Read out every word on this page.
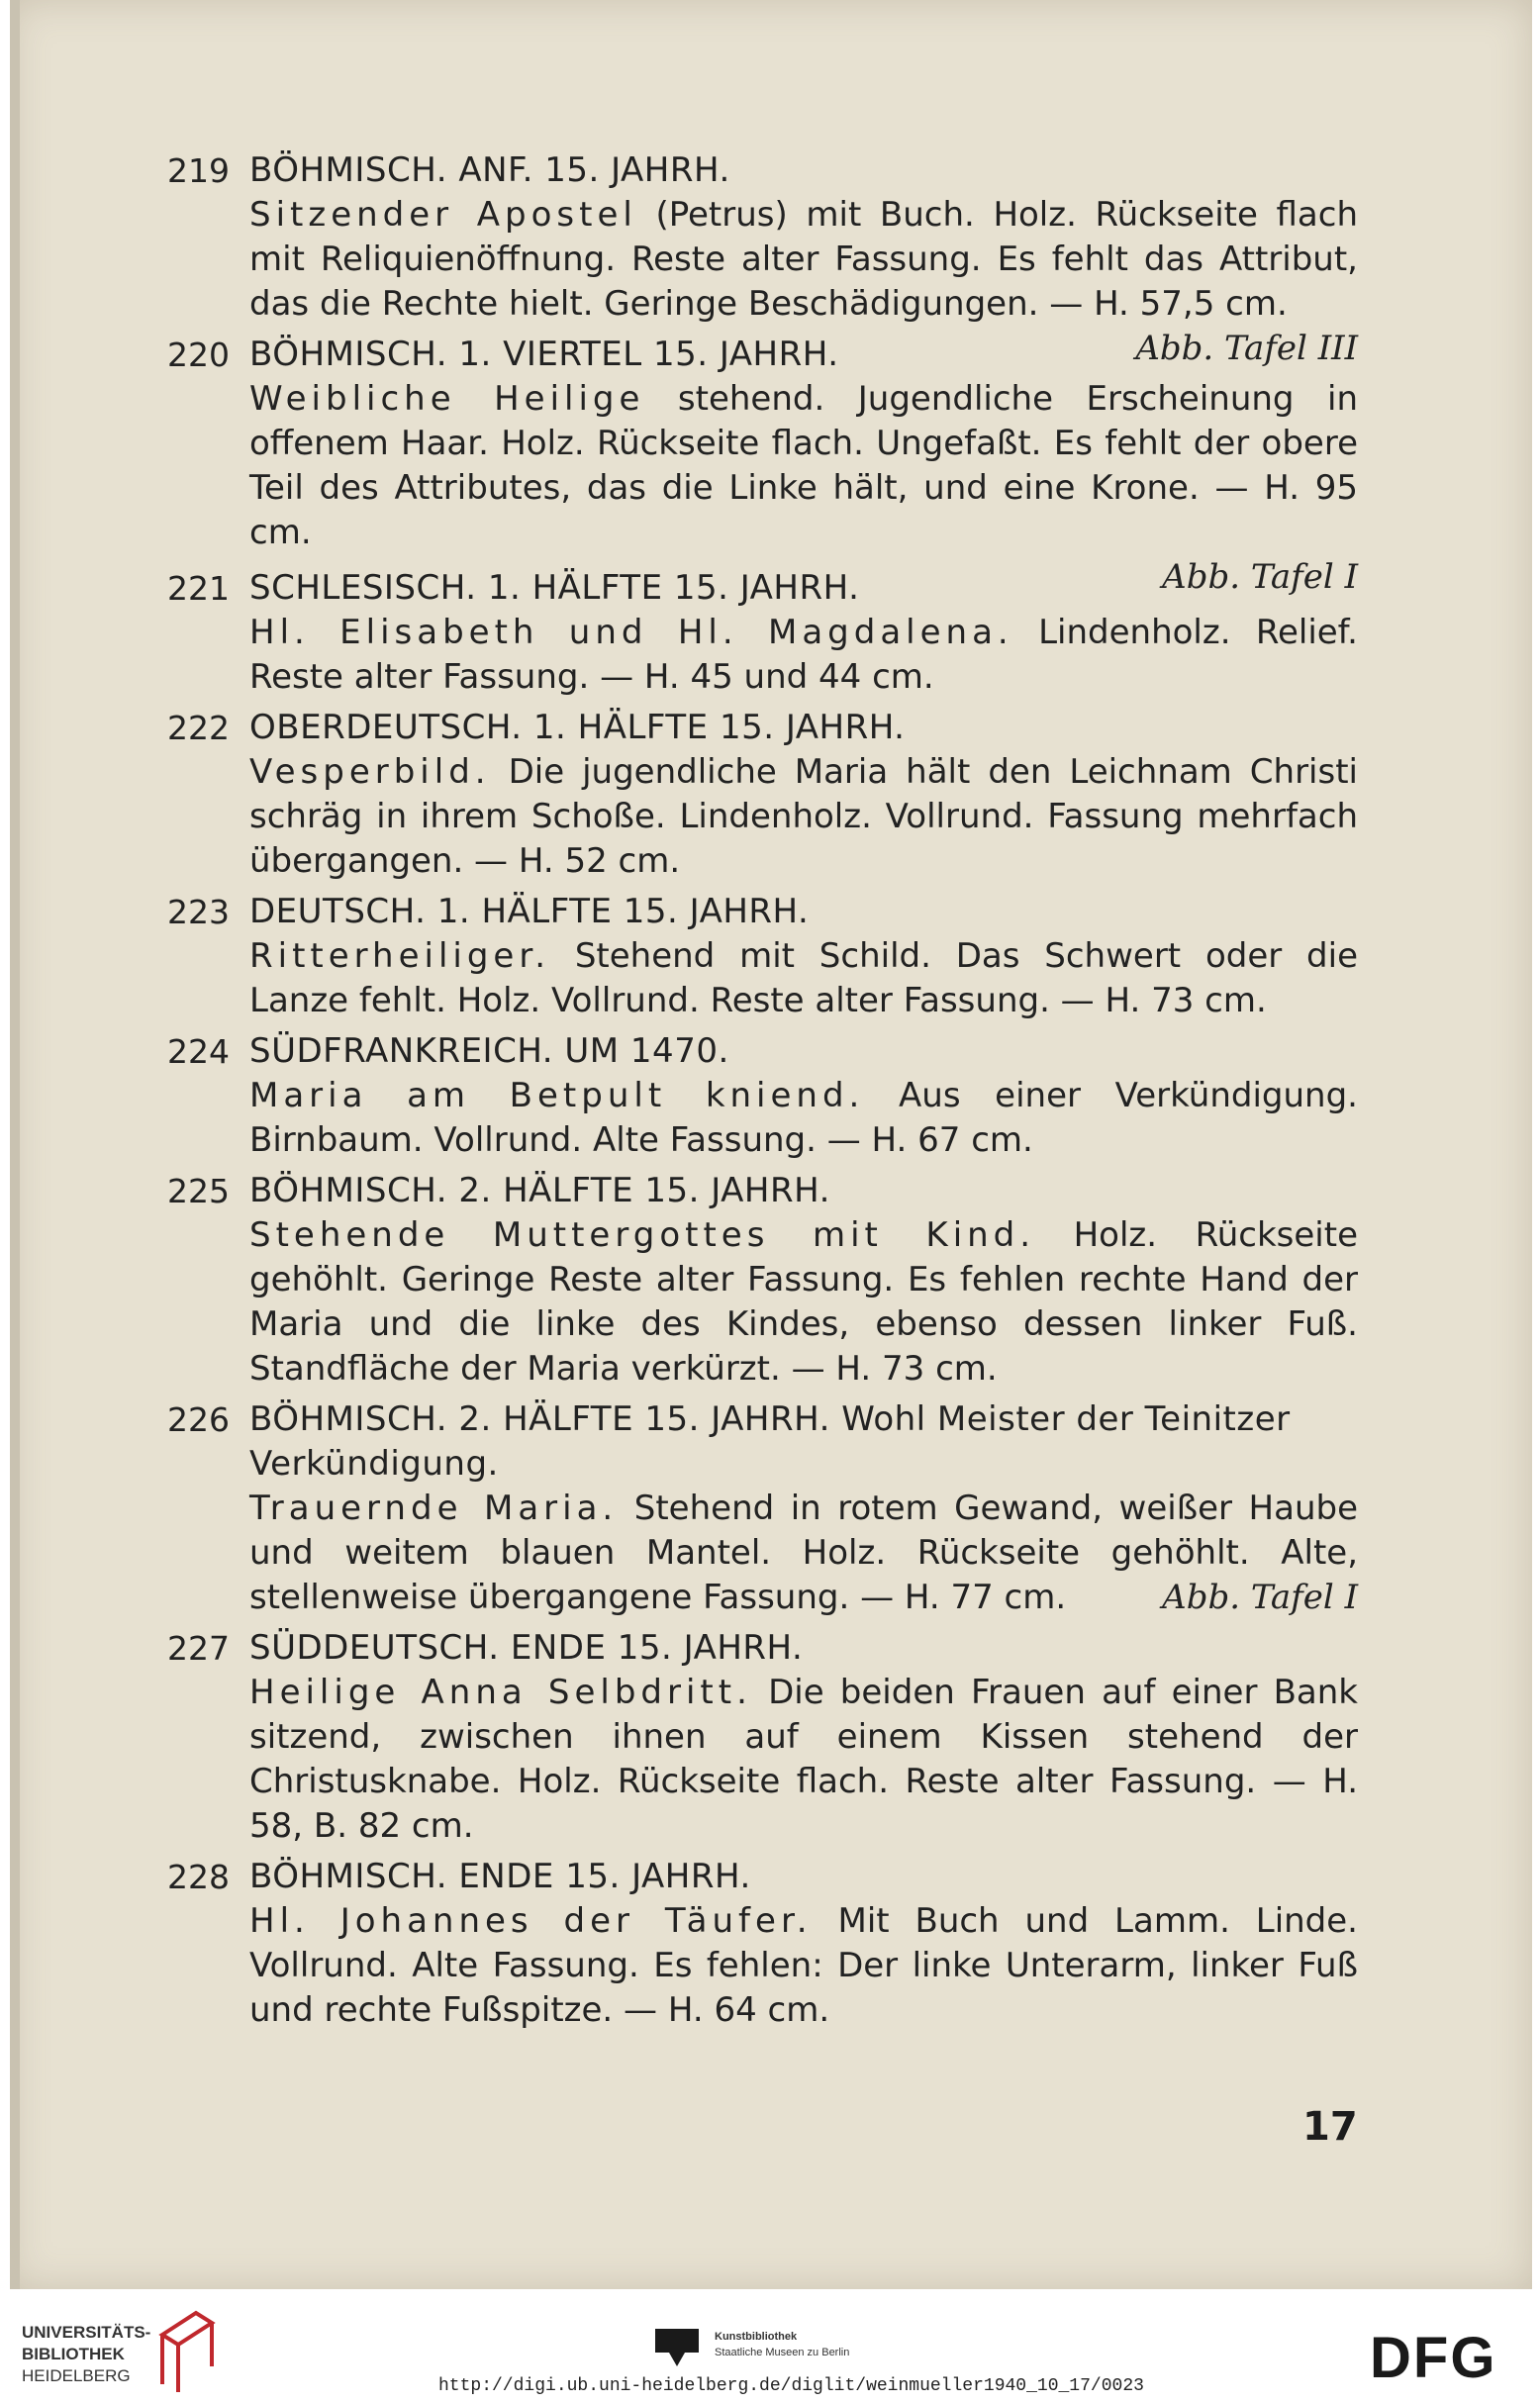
219 BÖHMISCH. ANF. 15. JAHRH.
Sitzender Apostel (Petrus) mit Buch. Holz. Rückseite flach mit Reliquienöffnung. Reste alter Fassung. Es fehlt das Attribut, das die Rechte hielt. Geringe Beschädigungen. — H. 57,5 cm.
Abb. Tafel III
220 BÖHMISCH. 1. VIERTEL 15. JAHRH.
Weibliche Heilige stehend. Jugendliche Erscheinung in offenem Haar. Holz. Rückseite flach. Ungefaßt. Es fehlt der obere Teil des Attributes, das die Linke hält, und eine Krone. — H. 95 cm.
Abb. Tafel I
221 SCHLESISCH. 1. HÄLFTE 15. JAHRH.
Hl. Elisabeth und Hl. Magdalena. Lindenholz. Relief. Reste alter Fassung. — H. 45 und 44 cm.
222 OBERDEUTSCH. 1. HÄLFTE 15. JAHRH.
Vesperbild. Die jugendliche Maria hält den Leichnam Christi schräg in ihrem Schoße. Lindenholz. Vollrund. Fassung mehrfach übergangen. — H. 52 cm.
223 DEUTSCH. 1. HÄLFTE 15. JAHRH.
Ritterheiliger. Stehend mit Schild. Das Schwert oder die Lanze fehlt. Holz. Vollrund. Reste alter Fassung. — H. 73 cm.
224 SÜDFRANKREICH. UM 1470.
Maria am Betpult kniend. Aus einer Verkündigung. Birnbaum. Vollrund. Alte Fassung. — H. 67 cm.
225 BÖHMISCH. 2. HÄLFTE 15. JAHRH.
Stehende Muttergottes mit Kind. Holz. Rückseite gehöhlt. Geringe Reste alter Fassung. Es fehlen rechte Hand der Maria und die linke des Kindes, ebenso dessen linker Fuß. Standfläche der Maria verkürzt. — H. 73 cm.
226 BÖHMISCH. 2. HÄLFTE 15. JAHRH. Wohl Meister der Teinitzer Verkündigung.
Trauernde Maria. Stehend in rotem Gewand, weißer Haube und weitem blauen Mantel. Holz. Rückseite gehöhlt. Alte, stellenweise übergangene Fassung. — H. 77 cm.	Abb. Tafel I
227 SÜDDEUTSCH. ENDE 15. JAHRH.
Heilige Anna Selbdritt. Die beiden Frauen auf einer Bank sitzend, zwischen ihnen auf einem Kissen stehend der Christusknabe. Holz. Rückseite flach. Reste alter Fassung. — H. 58, B. 82 cm.
228 BÖHMISCH. ENDE 15. JAHRH.
Hl. Johannes der Täufer. Mit Buch und Lamm. Linde. Vollrund. Alte Fassung. Es fehlen: Der linke Unterarm, linker Fuß und rechte Fußspitze. — H. 64 cm.
17
UNIVERSITÄTS-
BIBLIOTHEK
HEIDELBERG
Kunstbibliothek
Staatliche Museen zu Berlin	DFG
http://digi.ub.uni-heidelberg.de/diglit/weinmueller1940_10_17/0023
